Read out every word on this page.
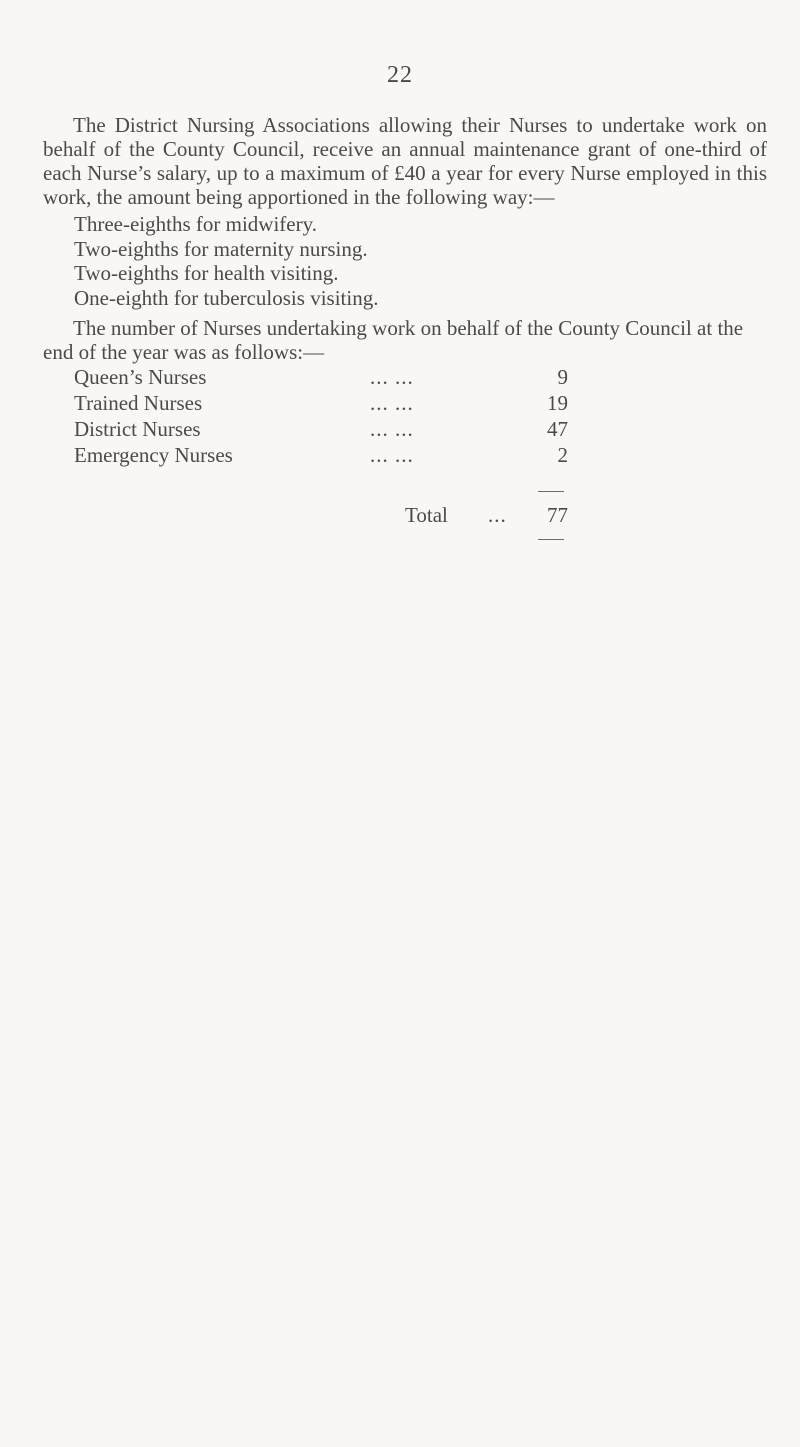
22

The District Nursing Associations allowing their Nurses to undertake work on behalf of the County Council, receive an annual maintenance grant of one-third of each Nurse’s salary, up to a maximum of £40 a year for every Nurse employed in this work, the amount being apportioned in the following way:—

Three-eighths for midwifery.
Two-eighths for maternity nursing.
Two-eighths for health visiting.
One-eighth for tuberculosis visiting.

The number of Nurses undertaking work on behalf of the County Council at the end of the year was as follows:—

Queen’s Nurses	... ...	9
Trained Nurses	... ...	19
District Nurses	... ...	47
Emergency Nurses	... ...	2
Total ...	77
